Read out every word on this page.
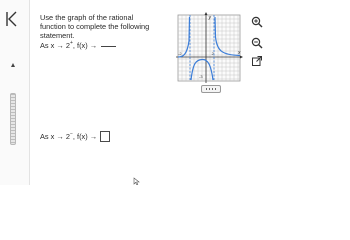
Use the graph of the rational function to complete the following statement.
As x → 2+, f(x) →
As x → 2−, f(x) →
y
x
-2
-3
2
